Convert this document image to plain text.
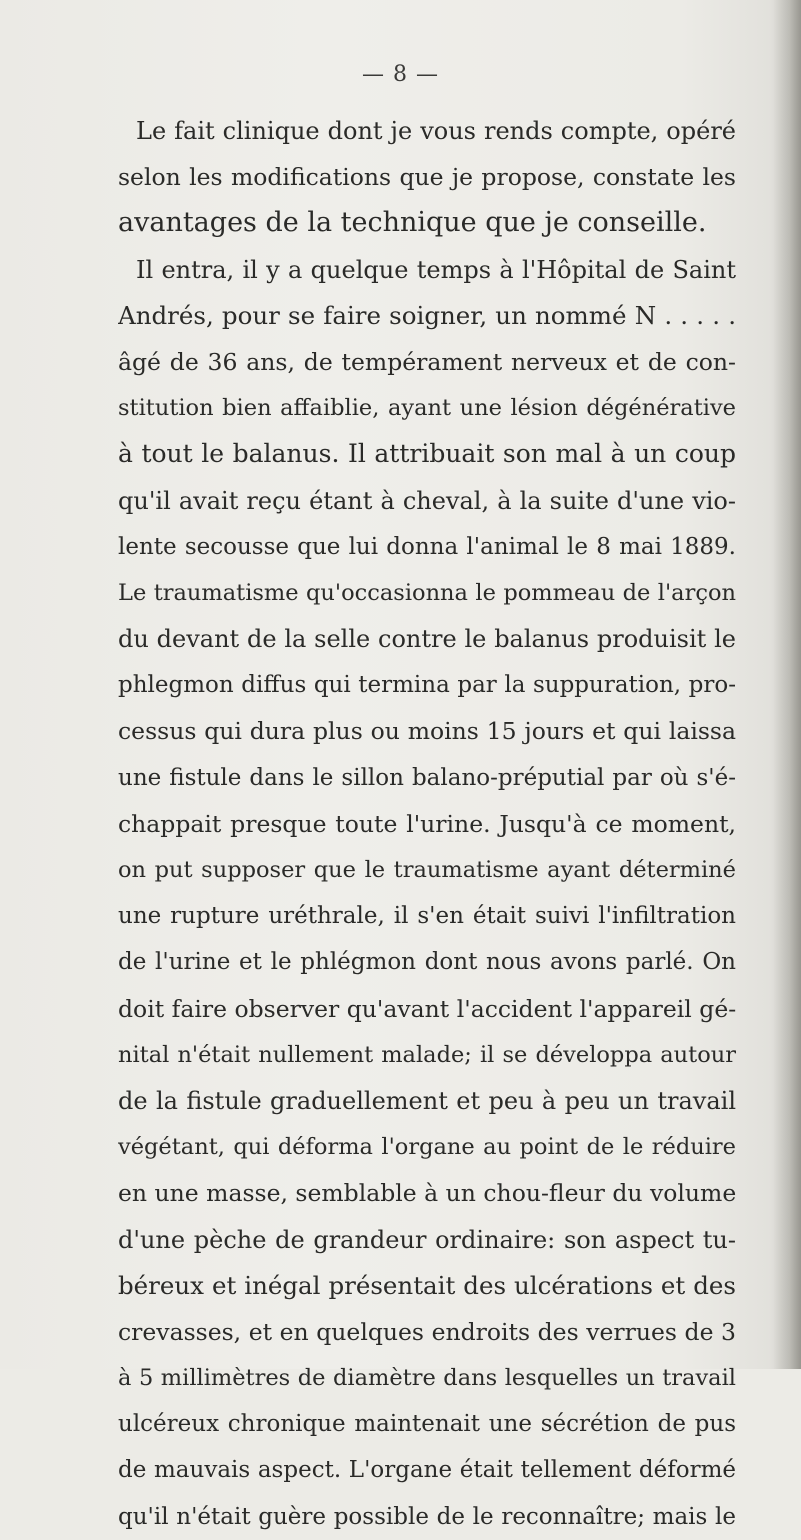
— 8 —
Le fait clinique dont je vous rends compte, opéré
selon les modifications que je propose, constate les
avantages de la technique que je conseille.
Il entra, il y a quelque temps à l'Hôpital de Saint
Andrés, pour se faire soigner, un nommé N . . . . .
âgé de 36 ans, de tempérament nerveux et de con-
stitution bien affaiblie, ayant une lésion dégénérative
à tout le balanus. Il attribuait son mal à un coup
qu'il avait reçu étant à cheval, à la suite d'une vio-
lente secousse que lui donna l'animal le 8 mai 1889.
Le traumatisme qu'occasionna le pommeau de l'arçon
du devant de la selle contre le balanus produisit le
phlegmon diffus qui termina par la suppuration, pro-
cessus qui dura plus ou moins 15 jours et qui laissa
une fistule dans le sillon balano-préputial par où s'é-
chappait presque toute l'urine. Jusqu'à ce moment,
on put supposer que le traumatisme ayant déterminé
une rupture uréthrale, il s'en était suivi l'infiltration
de l'urine et le phlégmon dont nous avons parlé. On
doit faire observer qu'avant l'accident l'appareil gé-
nital n'était nullement malade; il se développa autour
de la fistule graduellement et peu à peu un travail
végétant, qui déforma l'organe au point de le réduire
en une masse, semblable à un chou-fleur du volume
d'une pèche de grandeur ordinaire: son aspect tu-
béreux et inégal présentait des ulcérations et des
crevasses, et en quelques endroits des verrues de 3
à 5 millimètres de diamètre dans lesquelles un travail
ulcéreux chronique maintenait une sécrétion de pus
de mauvais aspect. L'organe était tellement déformé
qu'il n'était guère possible de le reconnaître; mais le
